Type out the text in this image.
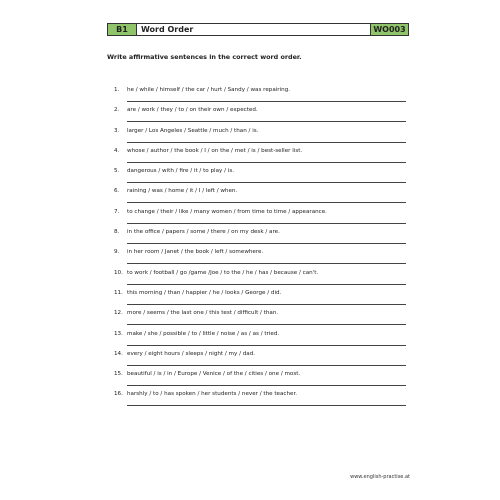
B1	Word Order	WO003
Write affirmative sentences in the correct word order.
1. he / while / himself / the car / hurt / Sandy / was repairing.
2. are / work / they / to / on their own / expected.
3. larger / Los Angeles / Seattle / much / than / is.
4. whose / author / the book / I / on the / met / is / best-seller list.
5. dangerous / with / fire / it / to play / is.
6. raining / was / home / it / I / left / when.
7. to change / their / like / many women / from time to time / appearance.
8. in the office / papers / some / there / on my desk / are.
9. in her room / Janet / the book / left / somewhere.
10. to work / football / go /game /Joe / to the / he / has / because / can't.
11. this morning / than / happier / he / looks / George / did.
12. more / seems / the last one / this test / difficult / than.
13. make / she / possible / to / little / noise / as / as / tried.
14. every / eight hours / sleeps / night / my / dad.
15. beautiful / is / in / Europe / Venice / of the / cities / one / most.
16. harshly / to / has spoken / her students / never / the teacher.
www.english-practise.at
